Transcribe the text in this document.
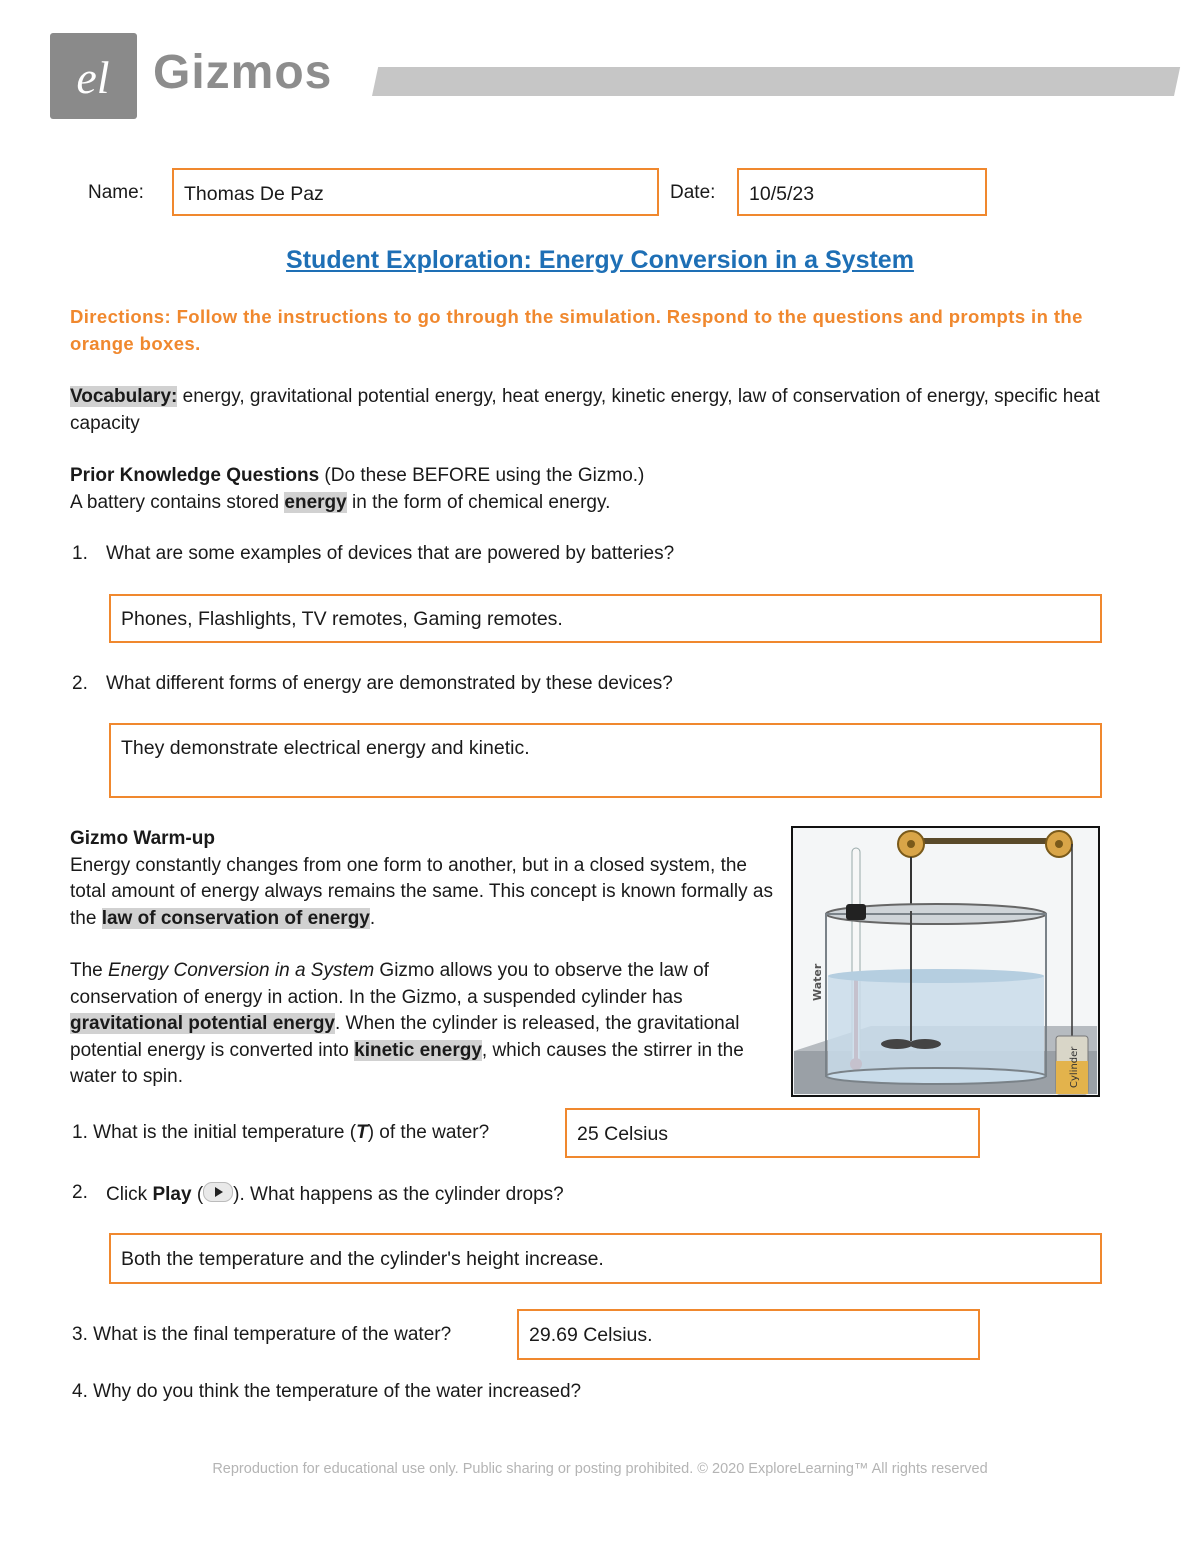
el Gizmos
Name: Thomas De Paz	Date: 10/5/23
Student Exploration: Energy Conversion in a System
Directions: Follow the instructions to go through the simulation. Respond to the questions and prompts in the orange boxes.
Vocabulary: energy, gravitational potential energy, heat energy, kinetic energy, law of conservation of energy, specific heat capacity
Prior Knowledge Questions (Do these BEFORE using the Gizmo.)
A battery contains stored energy in the form of chemical energy.
1. What are some examples of devices that are powered by batteries?
Phones, Flashlights, TV remotes, Gaming remotes.
2. What different forms of energy are demonstrated by these devices?
They demonstrate electrical energy and kinetic.
Gizmo Warm-up
Energy constantly changes from one form to another, but in a closed system, the total amount of energy always remains the same. This concept is known formally as the law of conservation of energy.
The Energy Conversion in a System Gizmo allows you to observe the law of conservation of energy in action. In the Gizmo, a suspended cylinder has gravitational potential energy. When the cylinder is released, the gravitational potential energy is converted into kinetic energy, which causes the stirrer in the water to spin.
Water
Cylinder
1. What is the initial temperature (T) of the water?	25 Celsius
2. Click Play ( ). What happens as the cylinder drops?
Both the temperature and the cylinder's height increase.
3. What is the final temperature of the water?	29.69 Celsius.
4. Why do you think the temperature of the water increased?
Reproduction for educational use only. Public sharing or posting prohibited. © 2020 ExploreLearning™ All rights reserved
